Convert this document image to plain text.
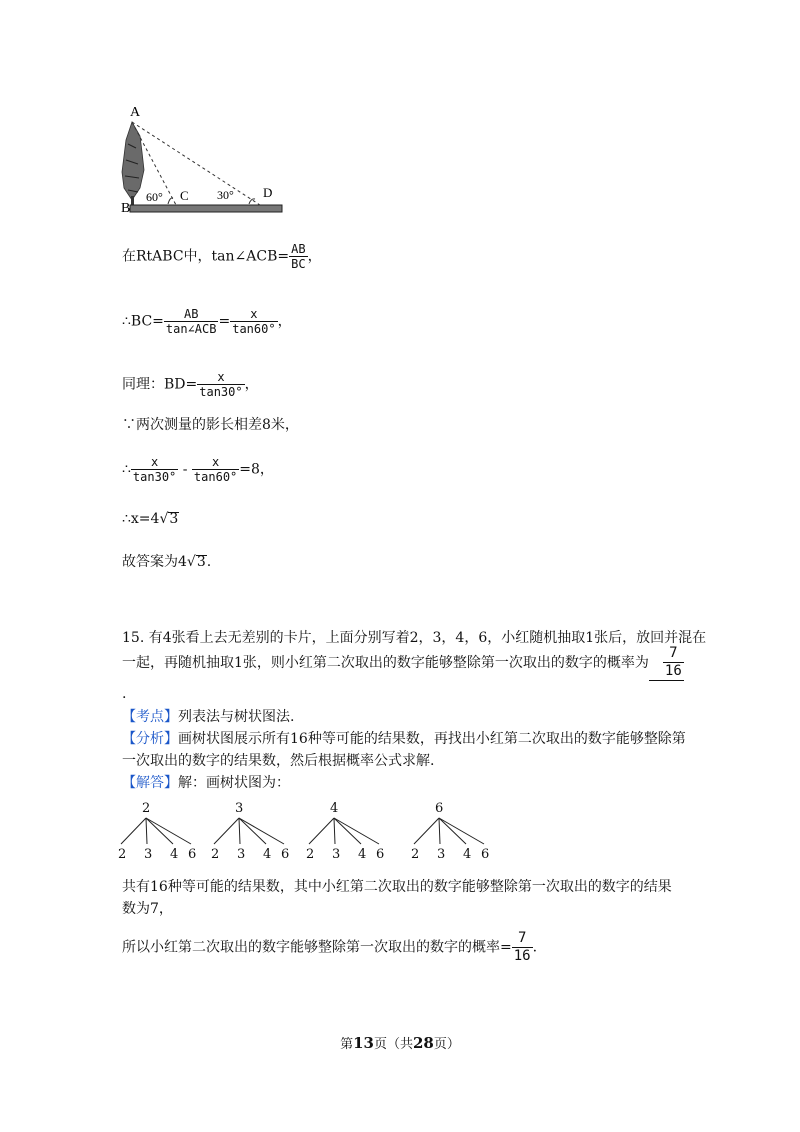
A
B
C	D
60°	30°
在RtABC中，tan∠ACB= $\frac{AB}{BC}$ ，
∴BC= $\frac{AB}{\text{tan∠ACB}} = \frac{x}{\tan 60^\circ}$ ，
同理：$BD= \frac{x}{\tan 30^\circ}$ ，
∵两次测量的影长相差8米，
∴ $\frac{x}{\tan 30^\circ} - \frac{x}{\tan 60^\circ} =8$，
∴x=4√3
故答案为4√3.
15. 有4张看上去无差别的卡片，上面分别写着2，3，4，6，小红随机抽取1张后，放回并混在
一起，再随机抽取1张，则小红第二次取出的数字能够整除第一次取出的数字的概率为 $\frac{7}{16}$
.
【考点】列表法与树状图法.
【分析】画树状图展示所有16种等可能的结果数，再找出小红第二次取出的数字能够整除第
一次取出的数字的结果数，然后根据概率公式求解.
【解答】解：画树状图为：
2
2 3 4 6
3
2 3 4 6
4
2 3 4 6
6
2 3 4 6
共有16种等可能的结果数，其中小红第二次取出的数字能够整除第一次取出的数字的结果
数为7，
所以小红第二次取出的数字能够整除第一次取出的数字的概率= $\frac{7}{16}$ .
第13页（共28页）
